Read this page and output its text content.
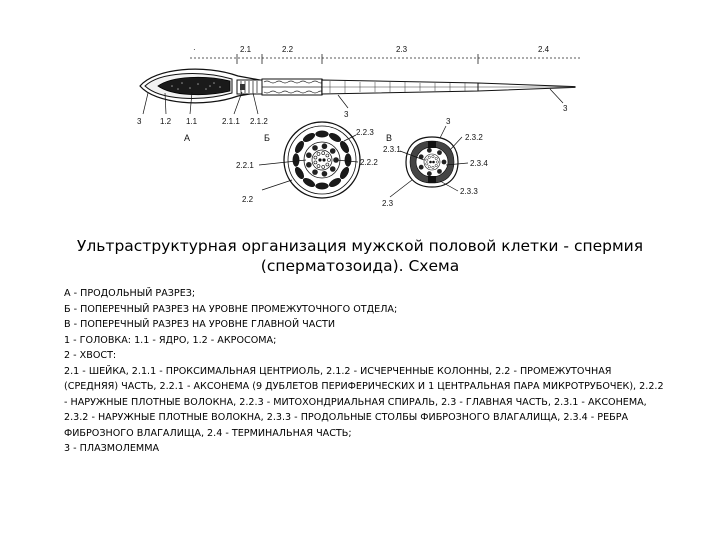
·	2.1	2.2	2.3	2.4
3 1.2 1.1	2.1.1 2.1.2
А
3
3
Б
2.2.3
2.2.1	2.2.2
2.2
В
2.3.1
3
2.3.2
2.3.4
2.3.3
2.3
Ультраструктурная организация мужской половой клетки - спермия
(сперматозоида). Схема
А - ПРОДОЛЬНЫЙ РАЗРЕЗ;
Б - ПОПЕРЕЧНЫЙ РАЗРЕЗ НА УРОВНЕ ПРОМЕЖУТОЧНОГО ОТДЕЛА;
В - ПОПЕРЕЧНЫЙ РАЗРЕЗ НА УРОВНЕ ГЛАВНОЙ ЧАСТИ
1 - ГОЛОВКА: 1.1 - ЯДРО, 1.2 - АКРОСОМА;
2 - ХВОСТ:
2.1 - ШЕЙКА, 2.1.1 - ПРОКСИМАЛЬНАЯ ЦЕНТРИОЛЬ, 2.1.2 - ИСЧЕРЧЕННЫЕ КОЛОННЫ, 2.2 - ПРОМЕЖУТОЧНАЯ (СРЕДНЯЯ) ЧАСТЬ, 2.2.1 - АКСОНЕМА (9 ДУБЛЕТОВ ПЕРИФЕРИЧЕСКИХ И 1 ЦЕНТРАЛЬНАЯ ПАРА МИКРОТРУБОЧЕК), 2.2.2 - НАРУЖНЫЕ ПЛОТНЫЕ ВОЛОКНА, 2.2.3 - МИТОХОНДРИАЛЬНАЯ СПИРАЛЬ, 2.3 - ГЛАВНАЯ ЧАСТЬ, 2.3.1 - АКСОНЕМА, 2.3.2 - НАРУЖНЫЕ ПЛОТНЫЕ ВОЛОКНА, 2.3.3 - ПРОДОЛЬНЫЕ СТОЛБЫ ФИБРОЗНОГО ВЛАГАЛИЩА, 2.3.4 - РЕБРА ФИБРОЗНОГО ВЛАГАЛИЩА, 2.4 - ТЕРМИНАЛЬНАЯ ЧАСТЬ;
3 - ПЛАЗМОЛЕММА
